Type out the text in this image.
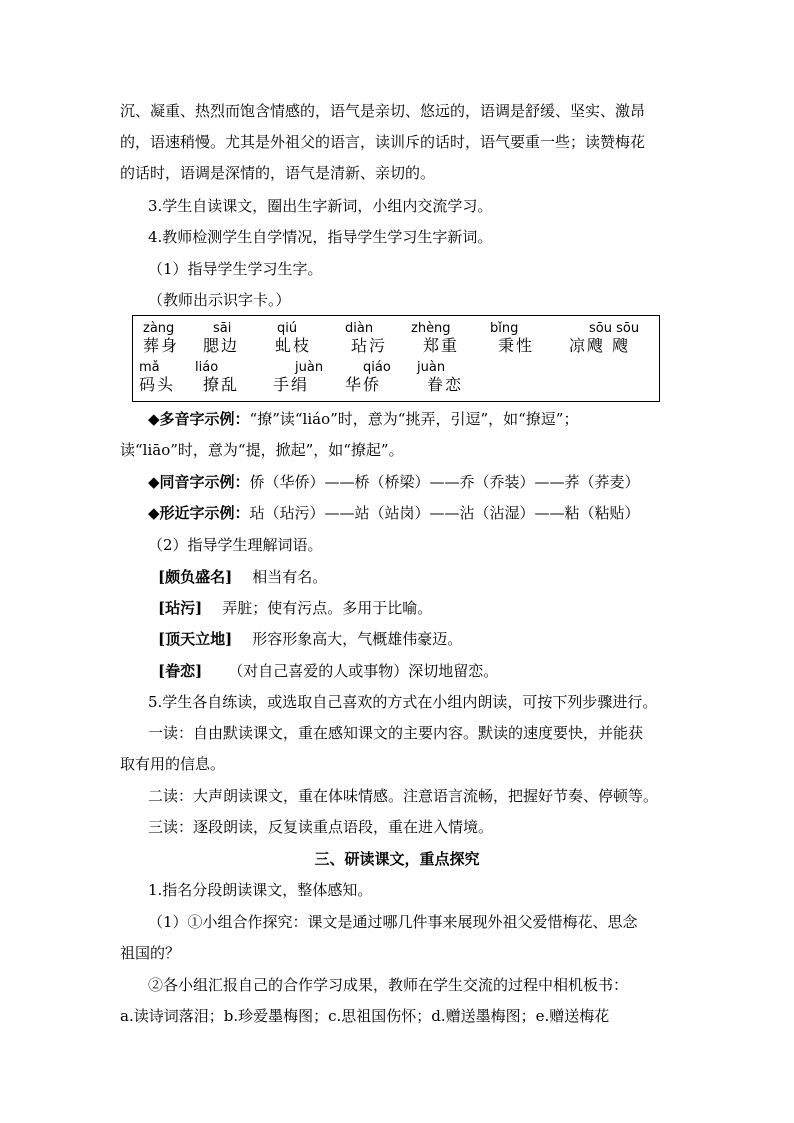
沉、凝重、热烈而饱含情感的，语气是亲切、悠远的，语调是舒缓、坚实、激昂
的，语速稍慢。尤其是外祖父的语言，读训斥的话时，语气要重一些；读赞梅花
的话时，语调是深情的，语气是清新、亲切的。
3.学生自读课文，圈出生字新词，小组内交流学习。
4.教师检测学生自学情况，指导学生学习生字新词。
（1）指导学生学习生字。
（教师出示识字卡。）
zàng
葬身
sāi
腮边
qiú
虬枝
diàn
玷污
zhèng
郑重
bǐng
秉性
sōu sōu
凉飕 飕
mǎ
码头
liáo
撩乱
juàn
手绢
qiáo
华侨
juàn
眷恋
◆多音字示例：“撩”读“liáo”时，意为“挑弄，引逗”，如“撩逗”；
读“liāo”时，意为“提，掀起”，如“撩起”。
◆同音字示例：侨（华侨）——桥（桥梁）——乔（乔装）——荞（荞麦）
◆形近字示例：玷（玷污）——站（站岗）——沾（沾湿）——粘（粘贴）
（2）指导学生理解词语。
[颇负盛名] 相当有名。
[玷污] 弄脏；使有污点。多用于比喻。
[顶天立地] 形容形象高大，气概雄伟豪迈。
[眷恋] （对自己喜爱的人或事物）深切地留恋。
5.学生各自练读，或选取自己喜欢的方式在小组内朗读，可按下列步骤进行。
一读：自由默读课文，重在感知课文的主要内容。默读的速度要快，并能获
取有用的信息。
二读：大声朗读课文，重在体味情感。注意语言流畅，把握好节奏、停顿等。
三读：逐段朗读，反复读重点语段，重在进入情境。
三、研读课文，重点探究
1.指名分段朗读课文，整体感知。
（1）①小组合作探究：课文是通过哪几件事来展现外祖父爱惜梅花、思念
祖国的？
②各小组汇报自己的合作学习成果，教师在学生交流的过程中相机板书：
a.读诗词落泪；b.珍爱墨梅图；c.思祖国伤怀；d.赠送墨梅图；e.赠送梅花
